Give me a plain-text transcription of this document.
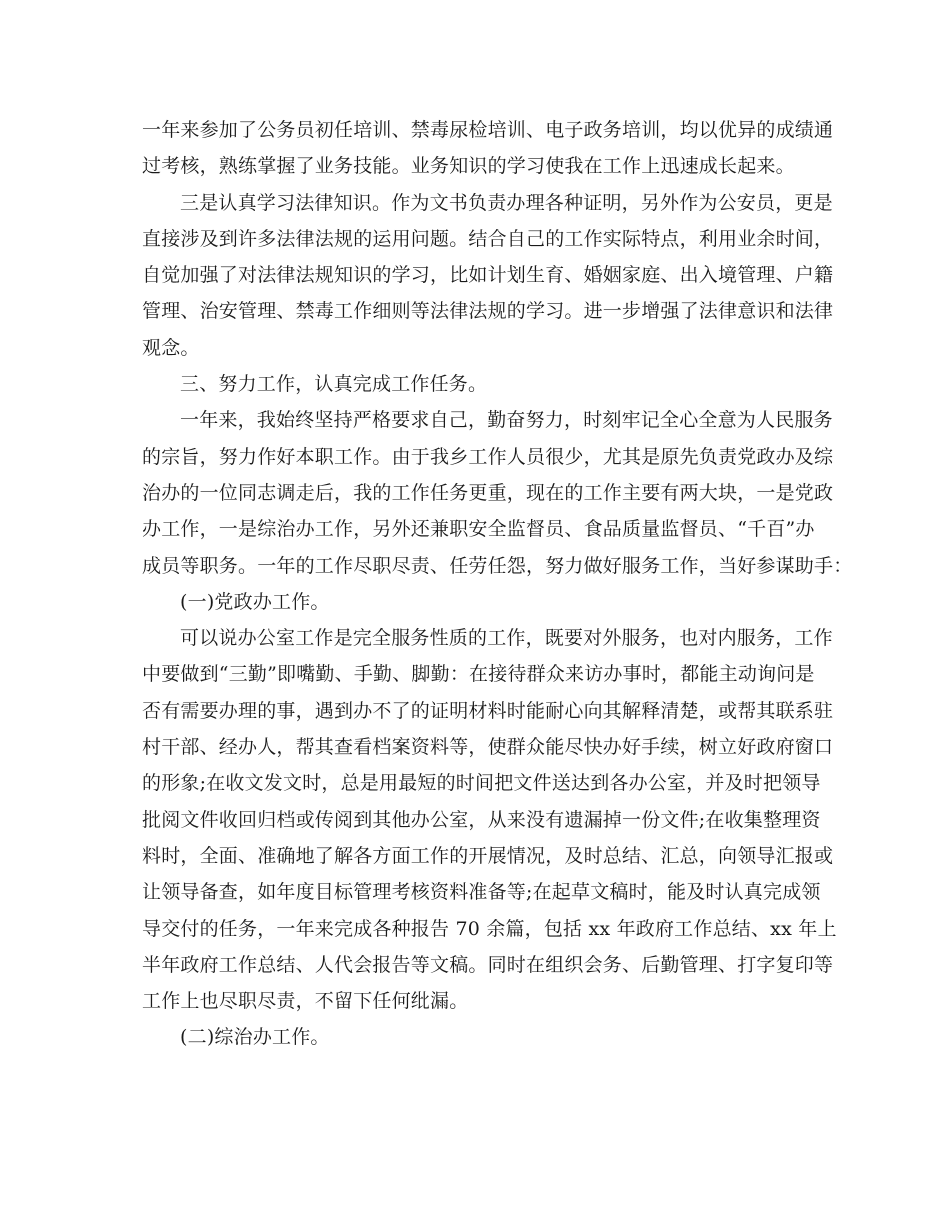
一年来参加了公务员初任培训、禁毒尿检培训、电子政务培训，均以优异的成绩通
过考核，熟练掌握了业务技能。业务知识的学习使我在工作上迅速成长起来。
三是认真学习法律知识。作为文书负责办理各种证明，另外作为公安员，更是
直接涉及到许多法律法规的运用问题。结合自己的工作实际特点，利用业余时间，
自觉加强了对法律法规知识的学习，比如计划生育、婚姻家庭、出入境管理、户籍
管理、治安管理、禁毒工作细则等法律法规的学习。进一步增强了法律意识和法律
观念。
三、努力工作，认真完成工作任务。
一年来，我始终坚持严格要求自己，勤奋努力，时刻牢记全心全意为人民服务
的宗旨，努力作好本职工作。由于我乡工作人员很少，尤其是原先负责党政办及综
治办的一位同志调走后，我的工作任务更重，现在的工作主要有两大块，一是党政
办工作，一是综治办工作，另外还兼职安全监督员、食品质量监督员、“千百”办
成员等职务。一年的工作尽职尽责、任劳任怨，努力做好服务工作，当好参谋助手：
(一)党政办工作。
可以说办公室工作是完全服务性质的工作，既要对外服务，也对内服务，工作
中要做到“三勤”即嘴勤、手勤、脚勤：在接待群众来访办事时，都能主动询问是
否有需要办理的事，遇到办不了的证明材料时能耐心向其解释清楚，或帮其联系驻
村干部、经办人，帮其查看档案资料等，使群众能尽快办好手续，树立好政府窗口
的形象;在收文发文时，总是用最短的时间把文件送达到各办公室，并及时把领导
批阅文件收回归档或传阅到其他办公室，从来没有遗漏掉一份文件;在收集整理资
料时，全面、准确地了解各方面工作的开展情况，及时总结、汇总，向领导汇报或
让领导备查，如年度目标管理考核资料准备等;在起草文稿时，能及时认真完成领
导交付的任务，一年来完成各种报告 70 余篇，包括 xx 年政府工作总结、xx 年上
半年政府工作总结、人代会报告等文稿。同时在组织会务、后勤管理、打字复印等
工作上也尽职尽责，不留下任何纰漏。
(二)综治办工作。
